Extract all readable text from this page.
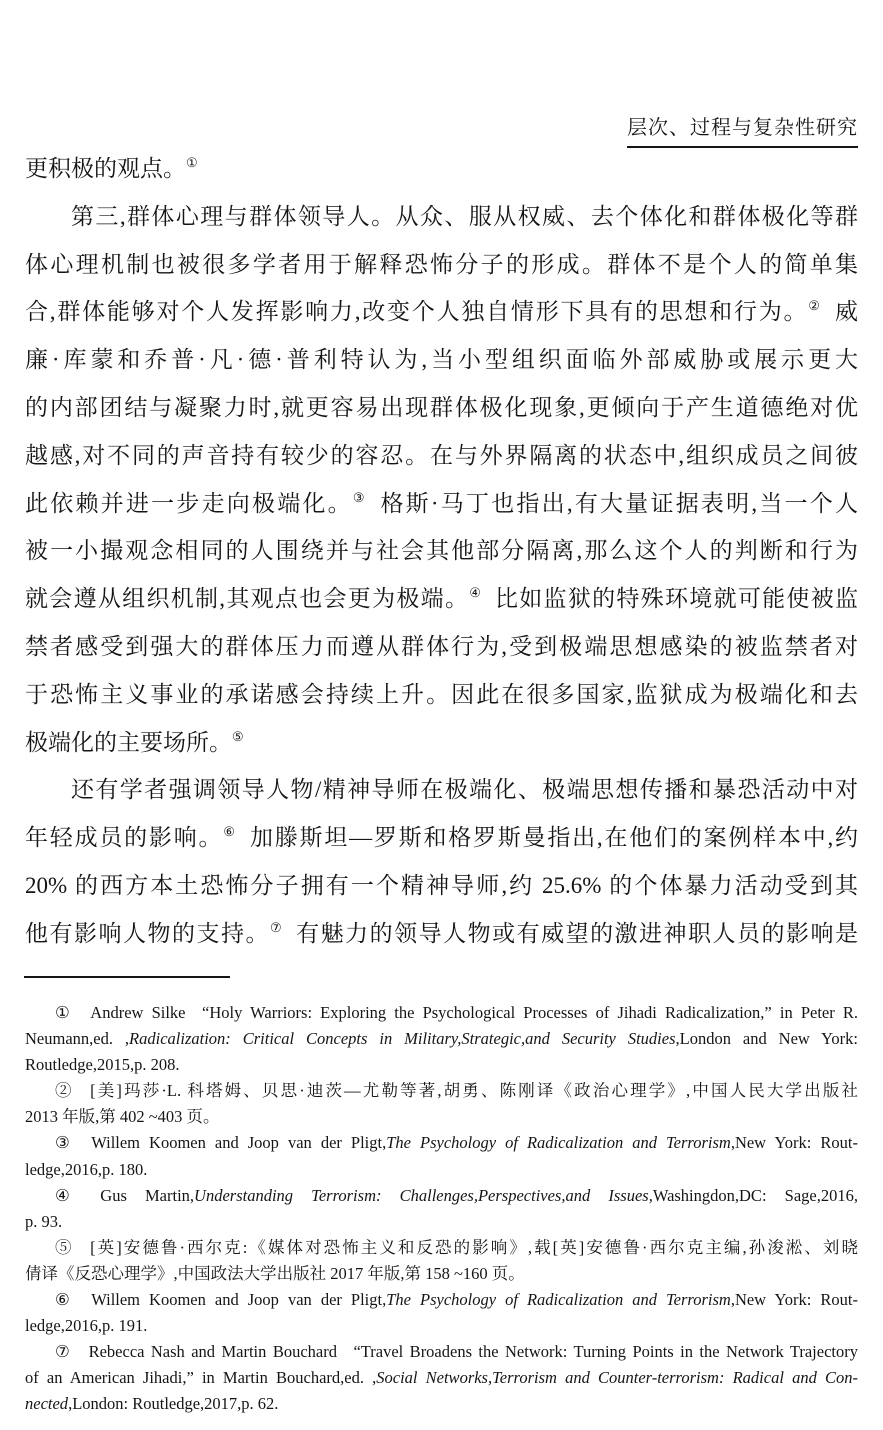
层次、过程与复杂性研究
更积极的观点。①
第三,群体心理与群体领导人。从众、服从权威、去个体化和群体极化等群
体心理机制也被很多学者用于解释恐怖分子的形成。群体不是个人的简单集
合,群体能够对个人发挥影响力,改变个人独自情形下具有的思想和行为。② 威
廉·库蒙和乔普·凡·德·普利特认为,当小型组织面临外部威胁或展示更大
的内部团结与凝聚力时,就更容易出现群体极化现象,更倾向于产生道德绝对优
越感,对不同的声音持有较少的容忍。在与外界隔离的状态中,组织成员之间彼
此依赖并进一步走向极端化。③ 格斯·马丁也指出,有大量证据表明,当一个人
被一小撮观念相同的人围绕并与社会其他部分隔离,那么这个人的判断和行为
就会遵从组织机制,其观点也会更为极端。④ 比如监狱的特殊环境就可能使被监
禁者感受到强大的群体压力而遵从群体行为,受到极端思想感染的被监禁者对
于恐怖主义事业的承诺感会持续上升。因此在很多国家,监狱成为极端化和去
极端化的主要场所。⑤
还有学者强调领导人物/精神导师在极端化、极端思想传播和暴恐活动中对
年轻成员的影响。⑥ 加滕斯坦—罗斯和格罗斯曼指出,在他们的案例样本中,约
20% 的西方本土恐怖分子拥有一个精神导师,约 25.6% 的个体暴力活动受到其
他有影响人物的支持。⑦ 有魅力的领导人物或有威望的激进神职人员的影响是
① Andrew Silke “Holy Warriors: Exploring the Psychological Processes of Jihadi Radicalization,” in Peter R.
Neumann,ed. ,Radicalization: Critical Concepts in Military,Strategic,and Security Studies,London and New York:
Routledge,2015,p. 208.
② [美]玛莎·L. 科塔姆、贝思·迪茨—尤勒等著,胡勇、陈刚译《政治心理学》,中国人民大学出版社
2013 年版,第 402 ~403 页。
③ Willem Koomen and Joop van der Pligt,The Psychology of Radicalization and Terrorism,New York: Rout-
ledge,2016,p. 180.
④ Gus Martin,Understanding Terrorism: Challenges,Perspectives,and Issues,Washingdon,DC: Sage,2016,
p. 93.
⑤ [英]安德鲁·西尔克:《媒体对恐怖主义和反恐的影响》,载[英]安德鲁·西尔克主编,孙浚淞、刘晓
倩译《反恐心理学》,中国政法大学出版社 2017 年版,第 158 ~160 页。
⑥ Willem Koomen and Joop van der Pligt,The Psychology of Radicalization and Terrorism,New York: Rout-
ledge,2016,p. 191.
⑦ Rebecca Nash and Martin Bouchard “Travel Broadens the Network: Turning Points in the Network Trajectory
of an American Jihadi,” in Martin Bouchard,ed. ,Social Networks,Terrorism and Counter-terrorism: Radical and Con-
nected,London: Routledge,2017,p. 62.
